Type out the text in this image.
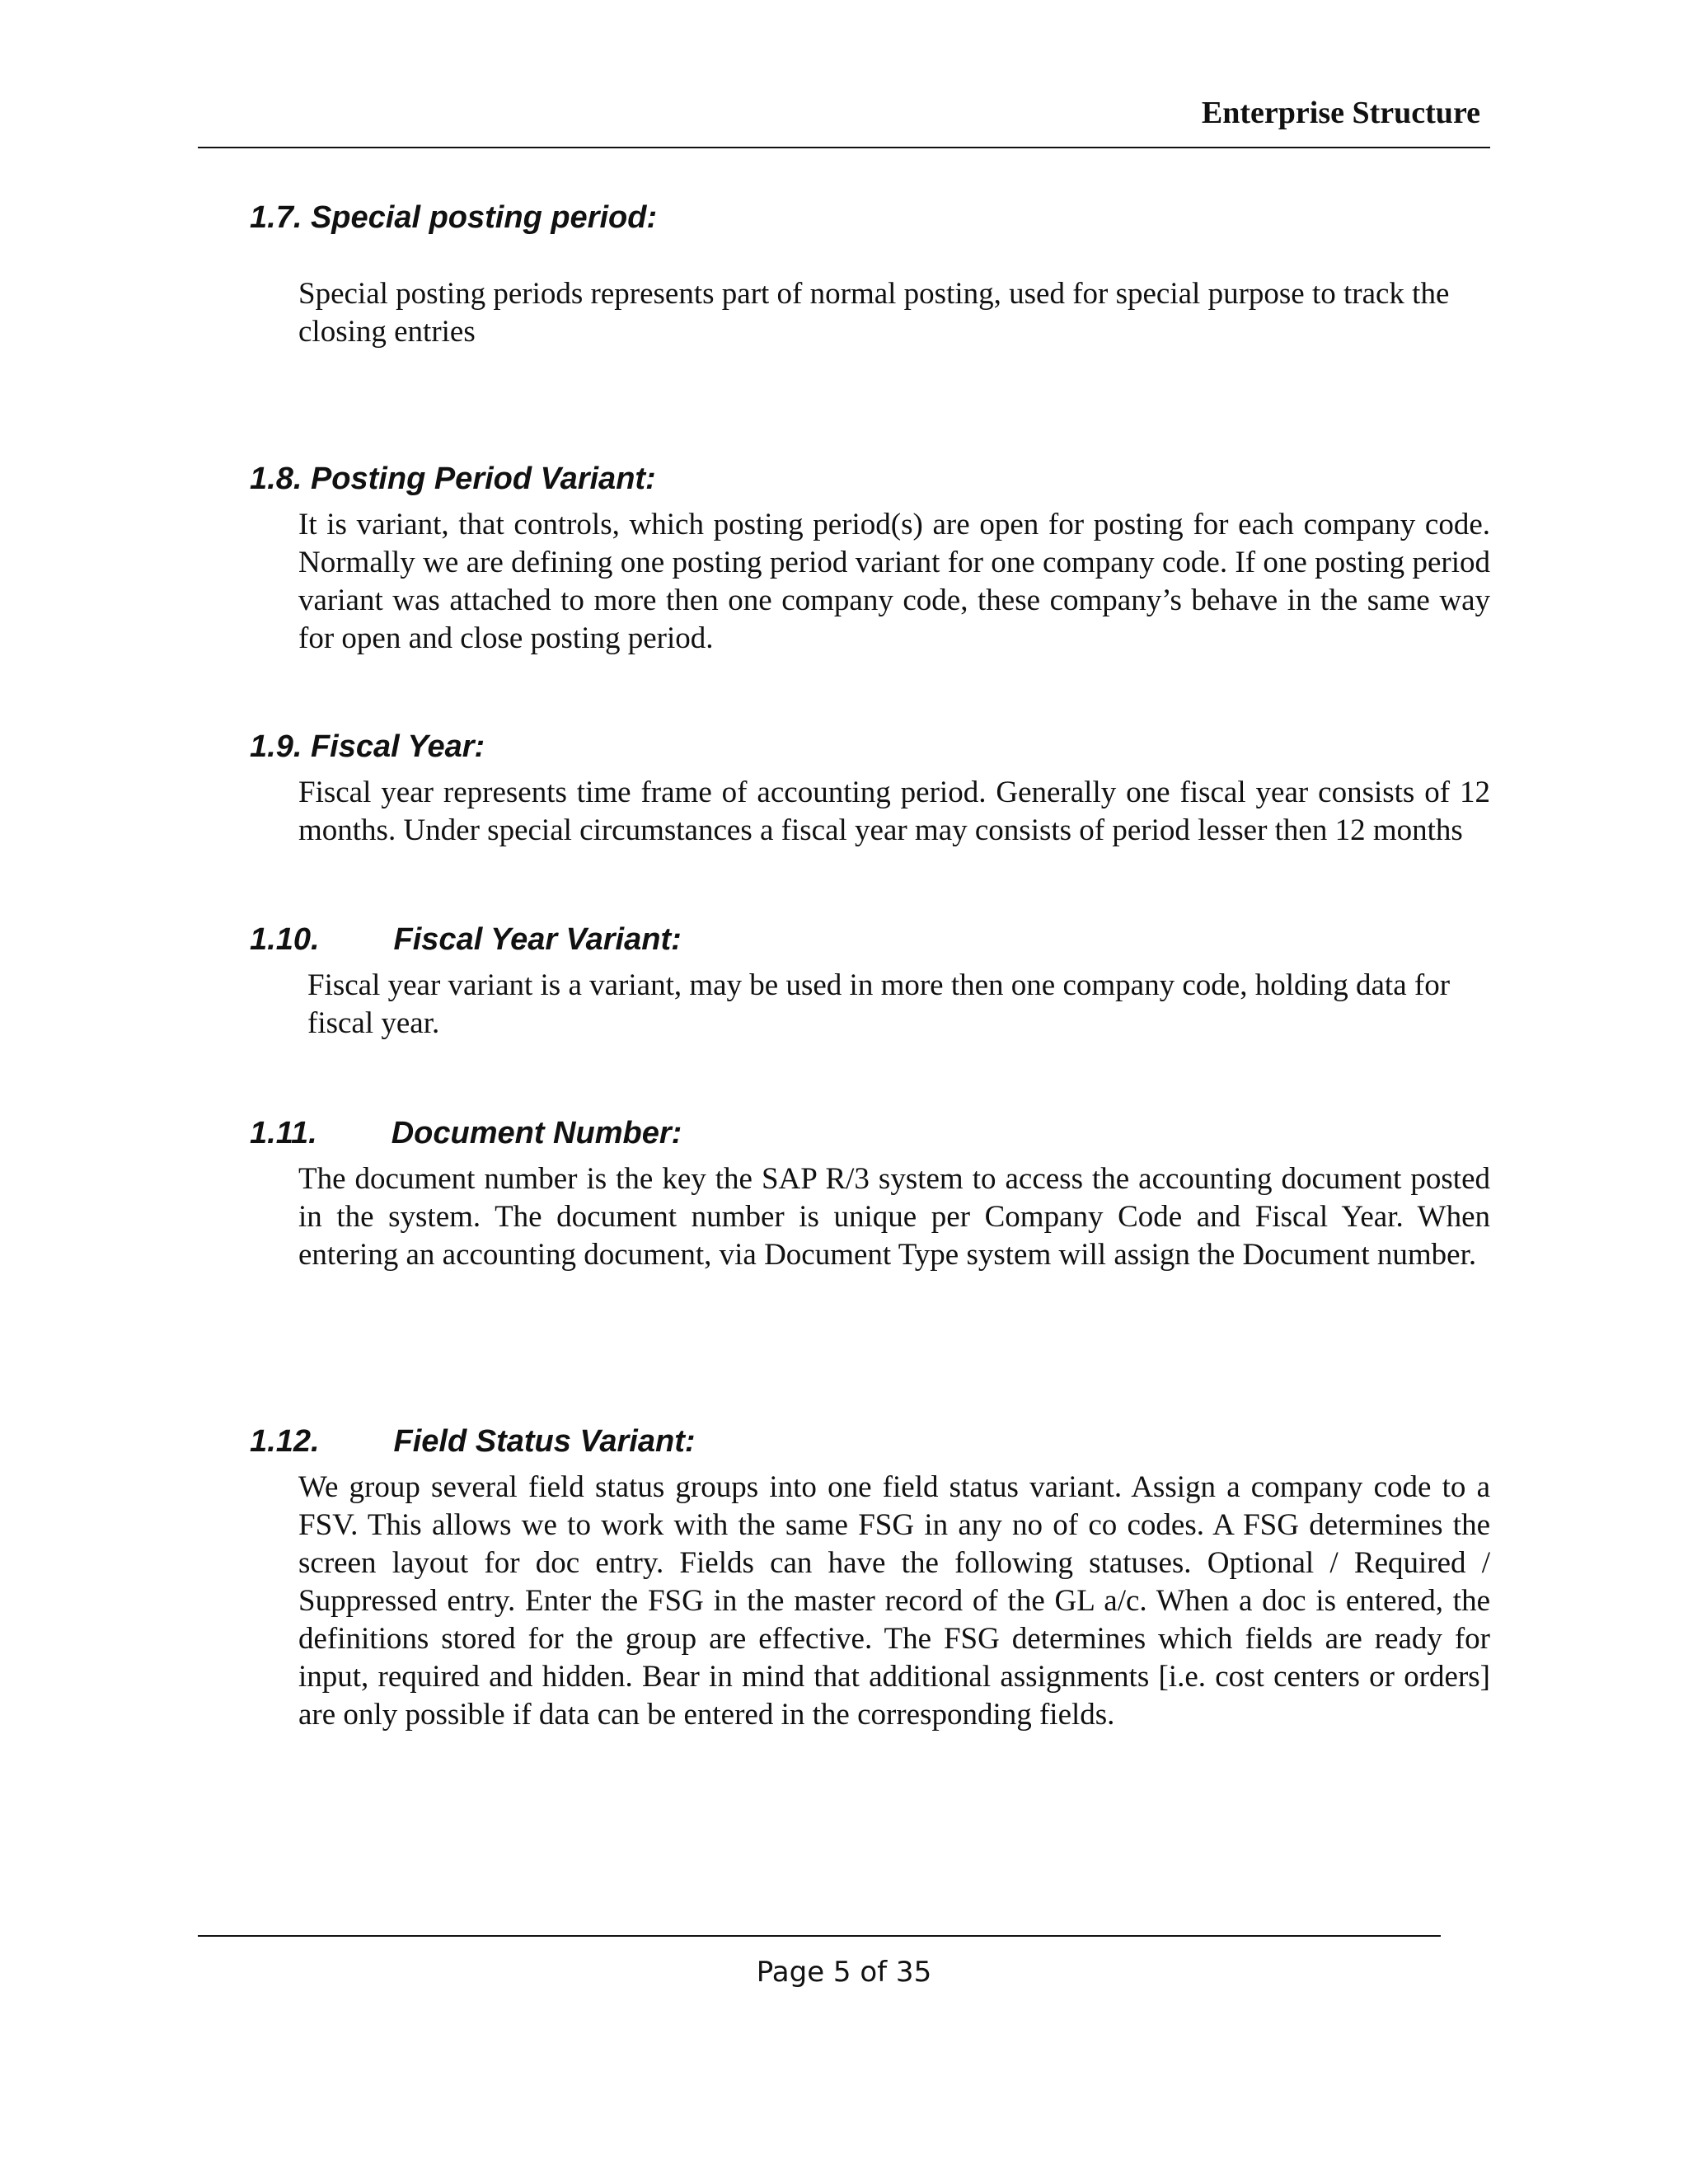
Enterprise Structure
1.7. Special posting period:

Special posting periods represents part of normal posting, used for special purpose to track the closing entries

1.8. Posting Period Variant:

It is variant, that controls, which posting period(s) are open for posting for each company code. Normally we are defining one posting period variant for one company code. If one posting period variant was attached to more then one company code, these company’s behave in the same way for open and close posting period.

1.9. Fiscal Year:

Fiscal year represents time frame of accounting period. Generally one fiscal year consists of 12 months. Under special circumstances a fiscal year may consists of period lesser then 12 months

1.10. Fiscal Year Variant:

Fiscal year variant is a variant, may be used in more then one company code, holding data for fiscal year.

1.11. Document Number:

The document number is the key the SAP R/3 system to access the accounting document posted in the system. The document number is unique per Company Code and Fiscal Year. When entering an accounting document, via Document Type system will assign the Document number.

1.12. Field Status Variant:

We group several field status groups into one field status variant. Assign a company code to a FSV. This allows we to work with the same FSG in any no of co codes. A FSG determines the screen layout for doc entry. Fields can have the following statuses. Optional / Required / Suppressed entry. Enter the FSG in the master record of the GL a/c. When a doc is entered, the definitions stored for the group are effective. The FSG determines which fields are ready for input, required and hidden. Bear in mind that additional assignments [i.e. cost centers or orders] are only possible if data can be entered in the corresponding fields.

Page 5 of 35
